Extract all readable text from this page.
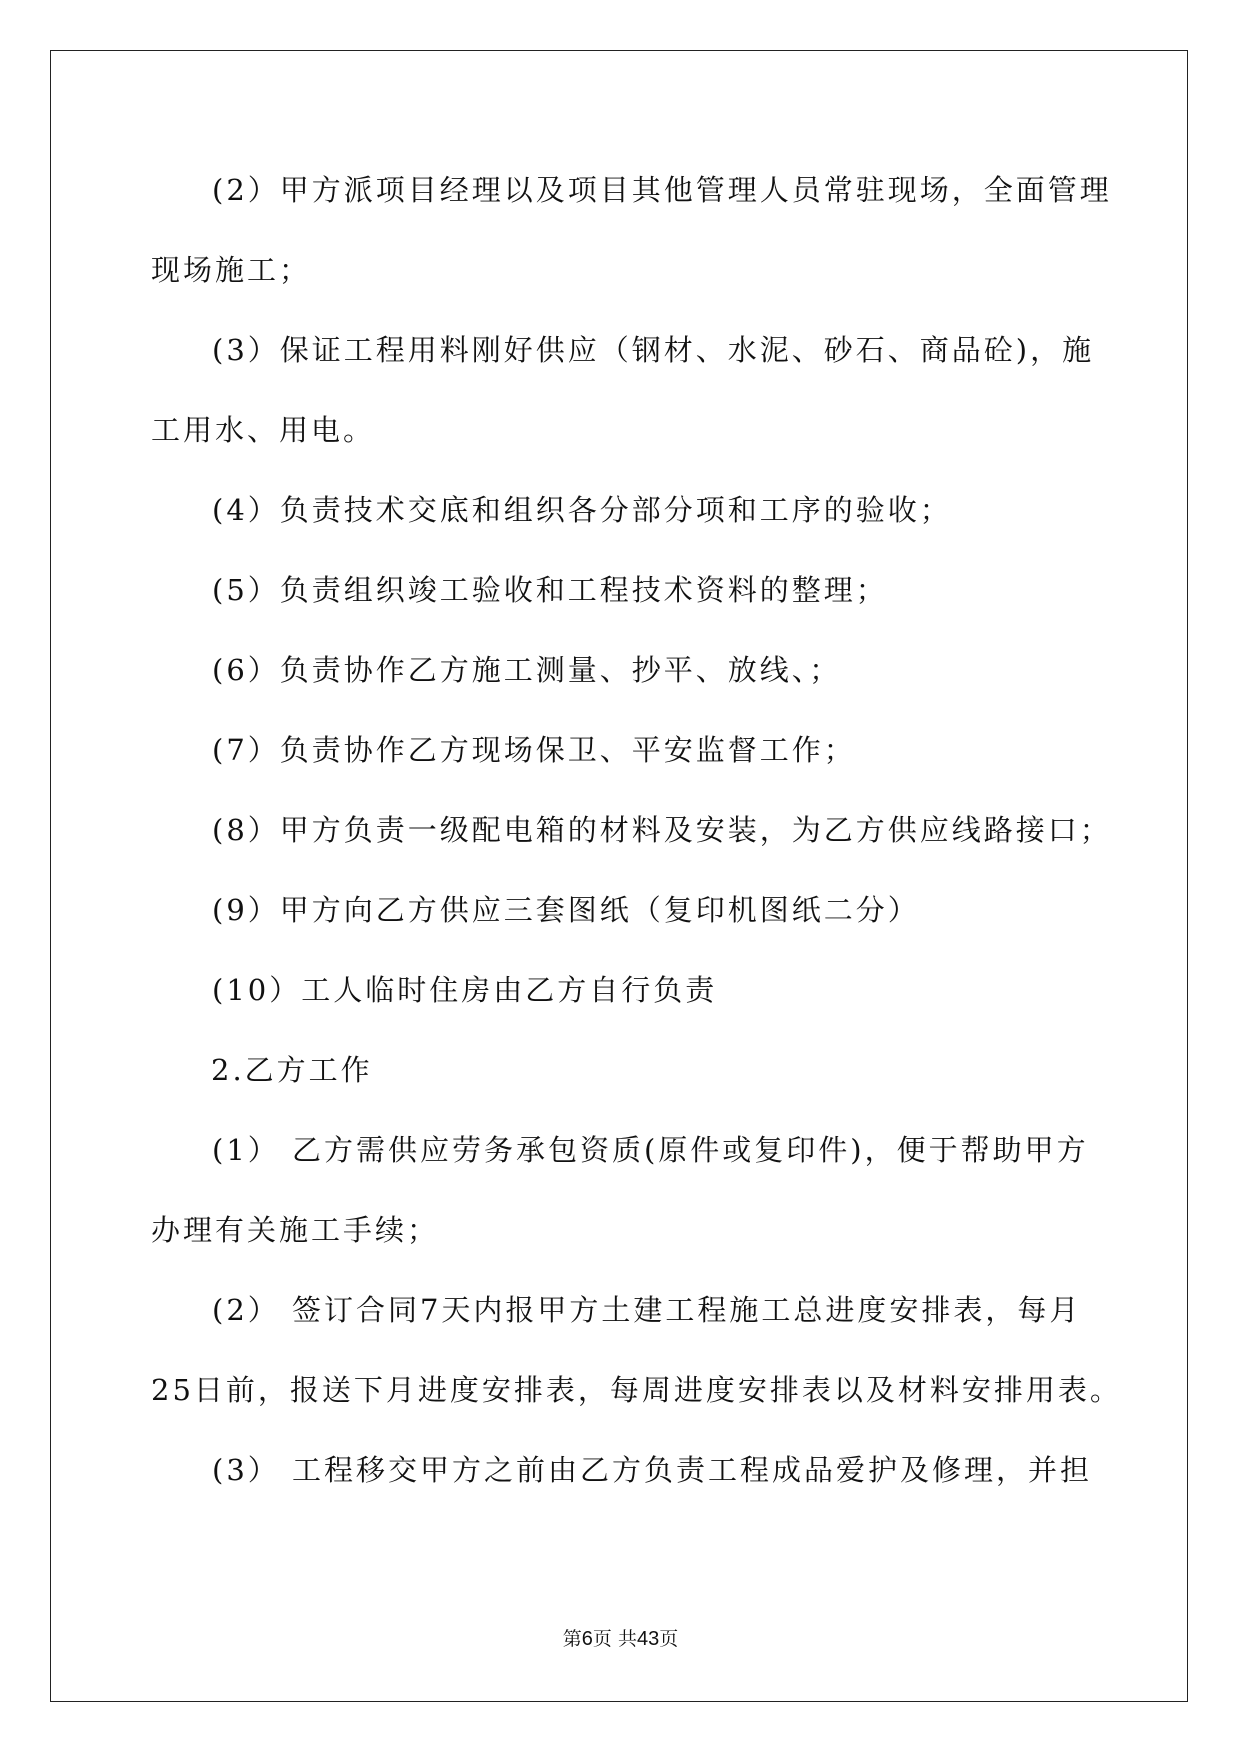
(2）甲方派项目经理以及项目其他管理人员常驻现场，全面管理
现场施工；
(3）保证工程用料刚好供应（钢材、水泥、砂石、商品砼)，施
工用水、用电。
(4）负责技术交底和组织各分部分项和工序的验收；
(5）负责组织竣工验收和工程技术资料的整理；
(6）负责协作乙方施工测量、抄平、放线、；
(7）负责协作乙方现场保卫、平安监督工作；
(8）甲方负责一级配电箱的材料及安装，为乙方供应线路接口；
(9）甲方向乙方供应三套图纸（复印机图纸二分）
(10）工人临时住房由乙方自行负责
2.乙方工作
(1） 乙方需供应劳务承包资质(原件或复印件)，便于帮助甲方
办理有关施工手续；
(2） 签订合同7天内报甲方土建工程施工总进度安排表，每月
25日前，报送下月进度安排表，每周进度安排表以及材料安排用表。
(3） 工程移交甲方之前由乙方负责工程成品爱护及修理，并担
第6页 共43页
